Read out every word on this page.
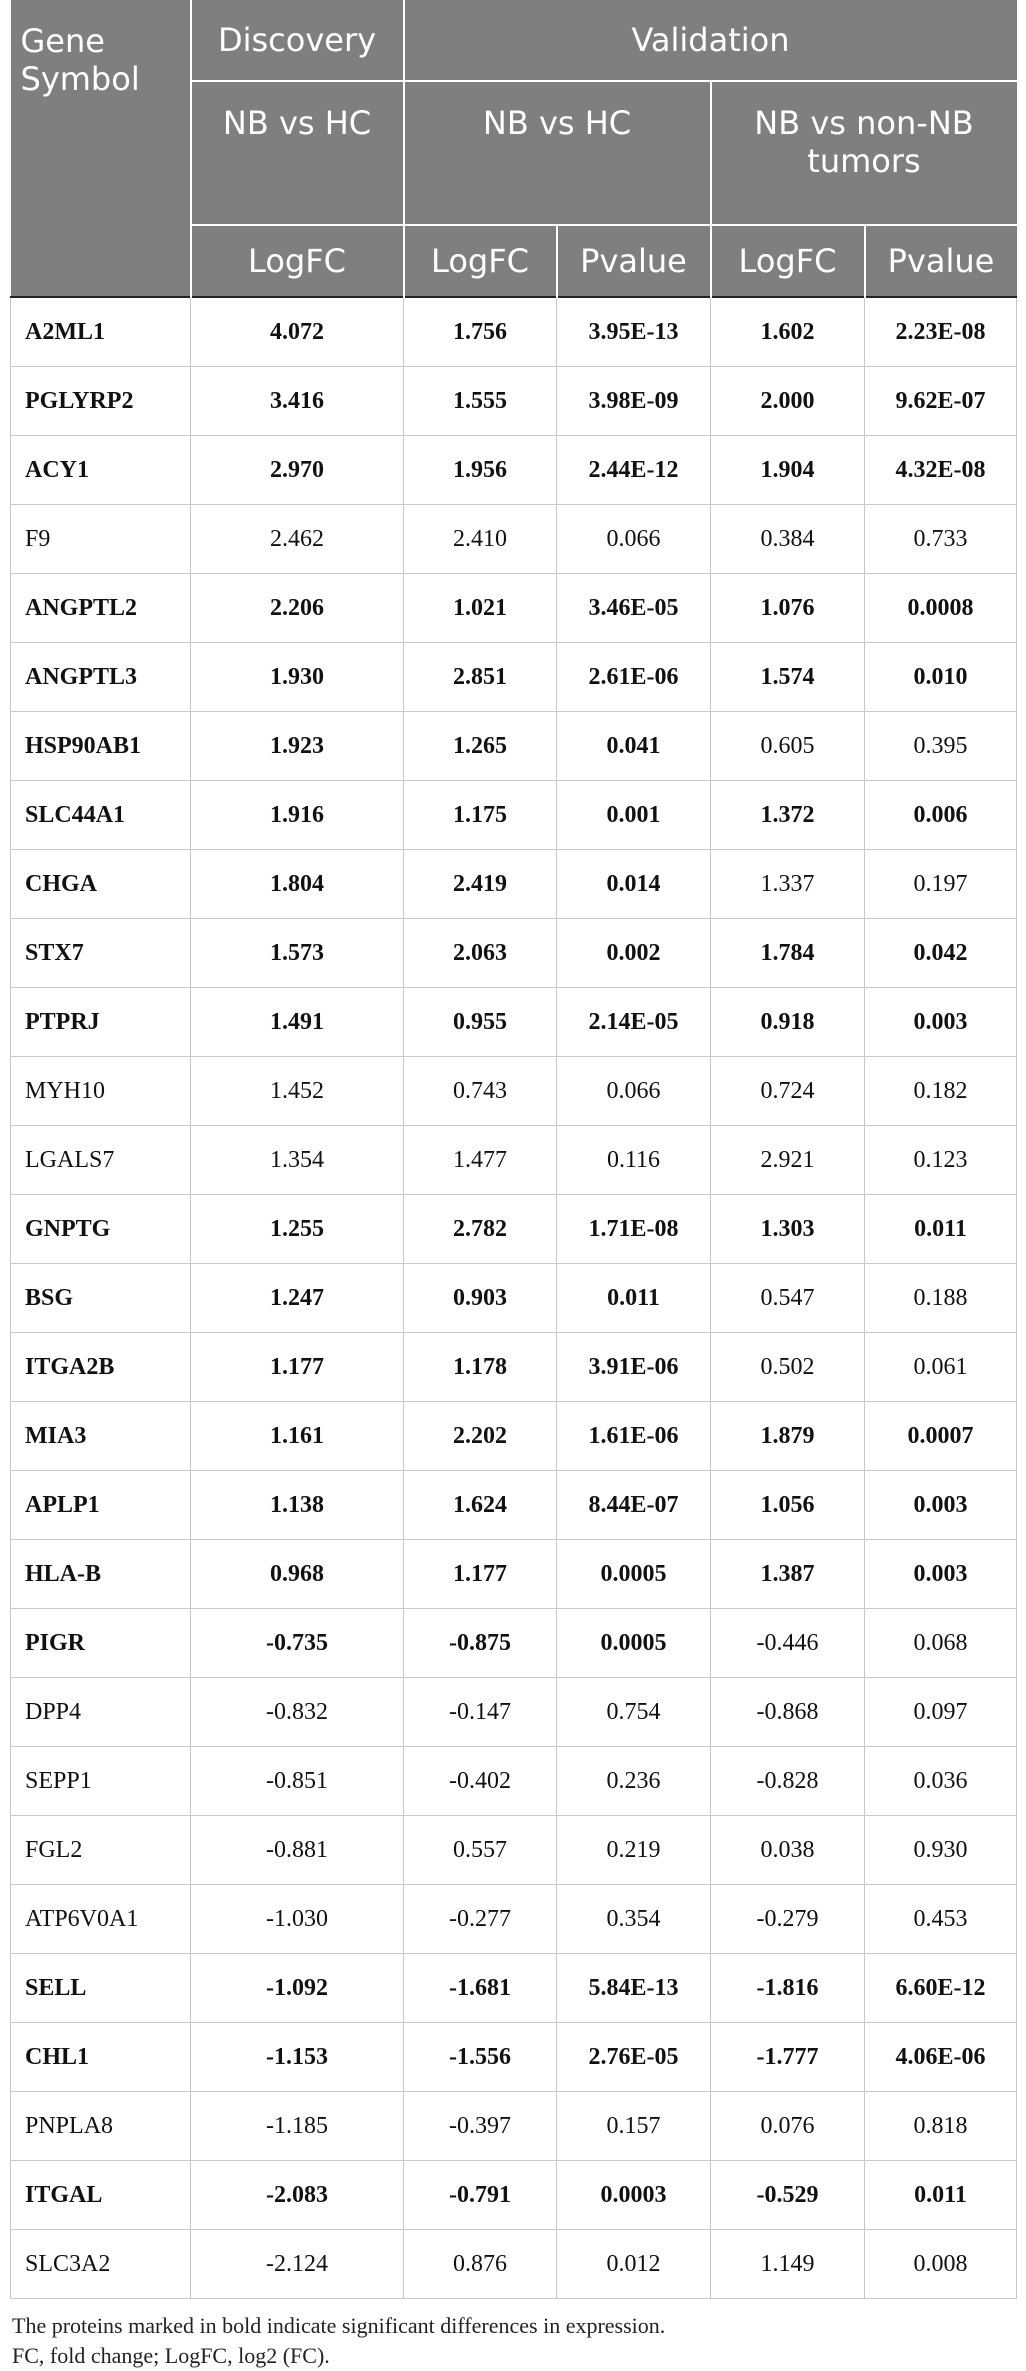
Gene Symbol	Discovery	Validation			
	NB vs HC	NB vs HC		NB vs non-NB tumors	
	LogFC	LogFC	Pvalue	LogFC	Pvalue
A2ML1	4.072	1.756	3.95E-13	1.602	2.23E-08
PGLYRP2	3.416	1.555	3.98E-09	2.000	9.62E-07
ACY1	2.970	1.956	2.44E-12	1.904	4.32E-08
F9	2.462	2.410	0.066	0.384	0.733
ANGPTL2	2.206	1.021	3.46E-05	1.076	0.0008
ANGPTL3	1.930	2.851	2.61E-06	1.574	0.010
HSP90AB1	1.923	1.265	0.041	0.605	0.395
SLC44A1	1.916	1.175	0.001	1.372	0.006
CHGA	1.804	2.419	0.014	1.337	0.197
STX7	1.573	2.063	0.002	1.784	0.042
PTPRJ	1.491	0.955	2.14E-05	0.918	0.003
MYH10	1.452	0.743	0.066	0.724	0.182
LGALS7	1.354	1.477	0.116	2.921	0.123
GNPTG	1.255	2.782	1.71E-08	1.303	0.011
BSG	1.247	0.903	0.011	0.547	0.188
ITGA2B	1.177	1.178	3.91E-06	0.502	0.061
MIA3	1.161	2.202	1.61E-06	1.879	0.0007
APLP1	1.138	1.624	8.44E-07	1.056	0.003
HLA-B	0.968	1.177	0.0005	1.387	0.003
PIGR	-0.735	-0.875	0.0005	-0.446	0.068
DPP4	-0.832	-0.147	0.754	-0.868	0.097
SEPP1	-0.851	-0.402	0.236	-0.828	0.036
FGL2	-0.881	0.557	0.219	0.038	0.930
ATP6V0A1	-1.030	-0.277	0.354	-0.279	0.453
SELL	-1.092	-1.681	5.84E-13	-1.816	6.60E-12
CHL1	-1.153	-1.556	2.76E-05	-1.777	4.06E-06
PNPLA8	-1.185	-0.397	0.157	0.076	0.818
ITGAL	-2.083	-0.791	0.0003	-0.529	0.011
SLC3A2	-2.124	0.876	0.012	1.149	0.008
The proteins marked in bold indicate significant differences in expression.
FC, fold change; LogFC, log2 (FC).
